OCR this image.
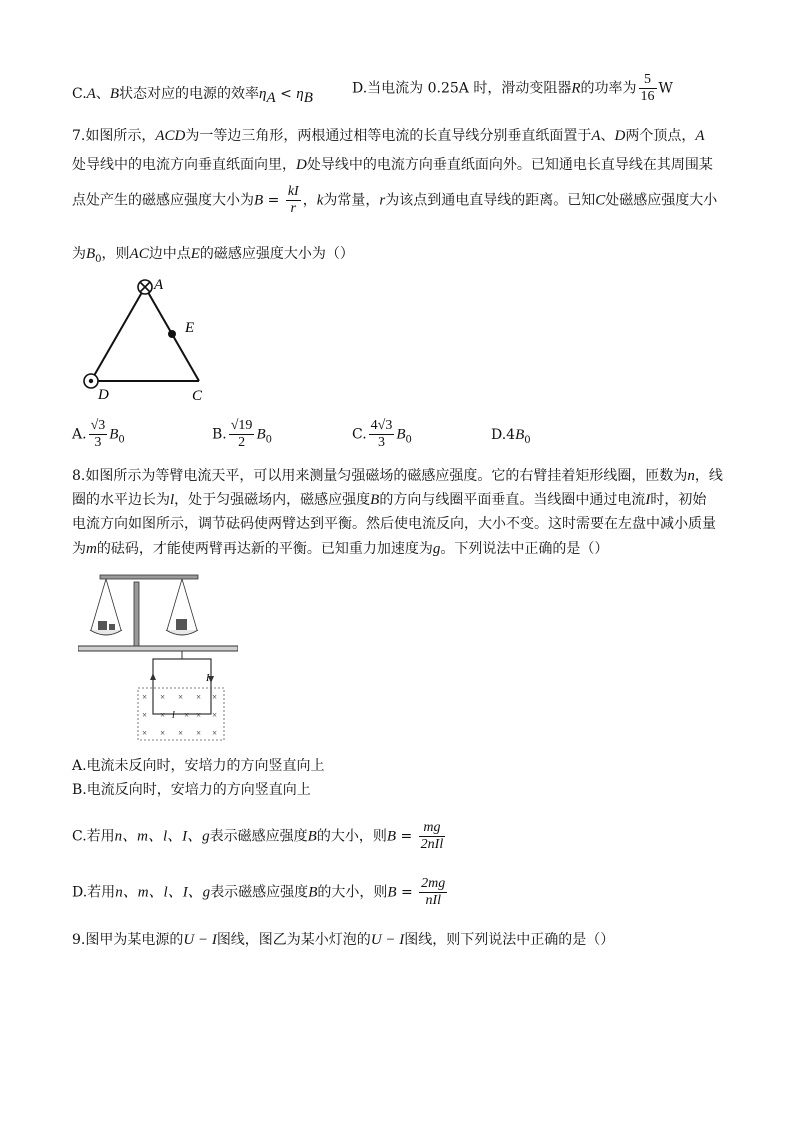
C.A、B状态对应的电源的效率$\eta_A < \eta_B$
D.当电流为 0.25A 时，滑动变阻器R的功率为 $\frac{5}{16}$ W
7.如图所示，ACD为一等边三角形，两根通过相等电流的长直导线分别垂直纸面置于A、D两个顶点，A
处导线中的电流方向垂直纸面向里，D处导线中的电流方向垂直纸面向外。已知通电长直导线在其周围某
点处产生的磁感应强度大小为$B = \frac{kI}{r}$ ，k为常量，r为该点到通电直导线的距离。已知C处磁感应强度大小
为$B_0$，则AC边中点E的磁感应强度大小为（）
A
E
D	C
A. $\frac{√3}{3} B_0$	B. $\frac{√19}{2} B_0$	C. $\frac{4√3}{3} B_0$	$D.4B_0$
8.如图所示为等臂电流天平，可以用来测量匀强磁场的磁感应强度。它的右臂挂着矩形线圈，匝数为n，线
圈的水平边长为l，处于匀强磁场内，磁感应强度B的方向与线圈平面垂直。当线圈中通过电流I时，初始
电流方向如图所示，调节砝码使两臂达到平衡。然后使电流反向，大小不变。这时需要在左盘中减小质量
为m的砝码，才能使两臂再达新的平衡。已知重力加速度为g。下列说法中正确的是（）
I
× × × × ×
× × × × ×
× × × × ×
l
A.电流未反向时，安培力的方向竖直向上
B.电流反向时，安培力的方向竖直向上
C.若用n、m、l、I、g表示磁感应强度B的大小，则$B = \frac{mg}{\text{2nIl}}$
D.若用n、m、l、I、g表示磁感应强度B的大小，则$B = \frac{2mg}{\text{nIl}}$
9.图甲为某电源的U − I图线，图乙为某小灯泡的U − I图线，则下列说法中正确的是（）
